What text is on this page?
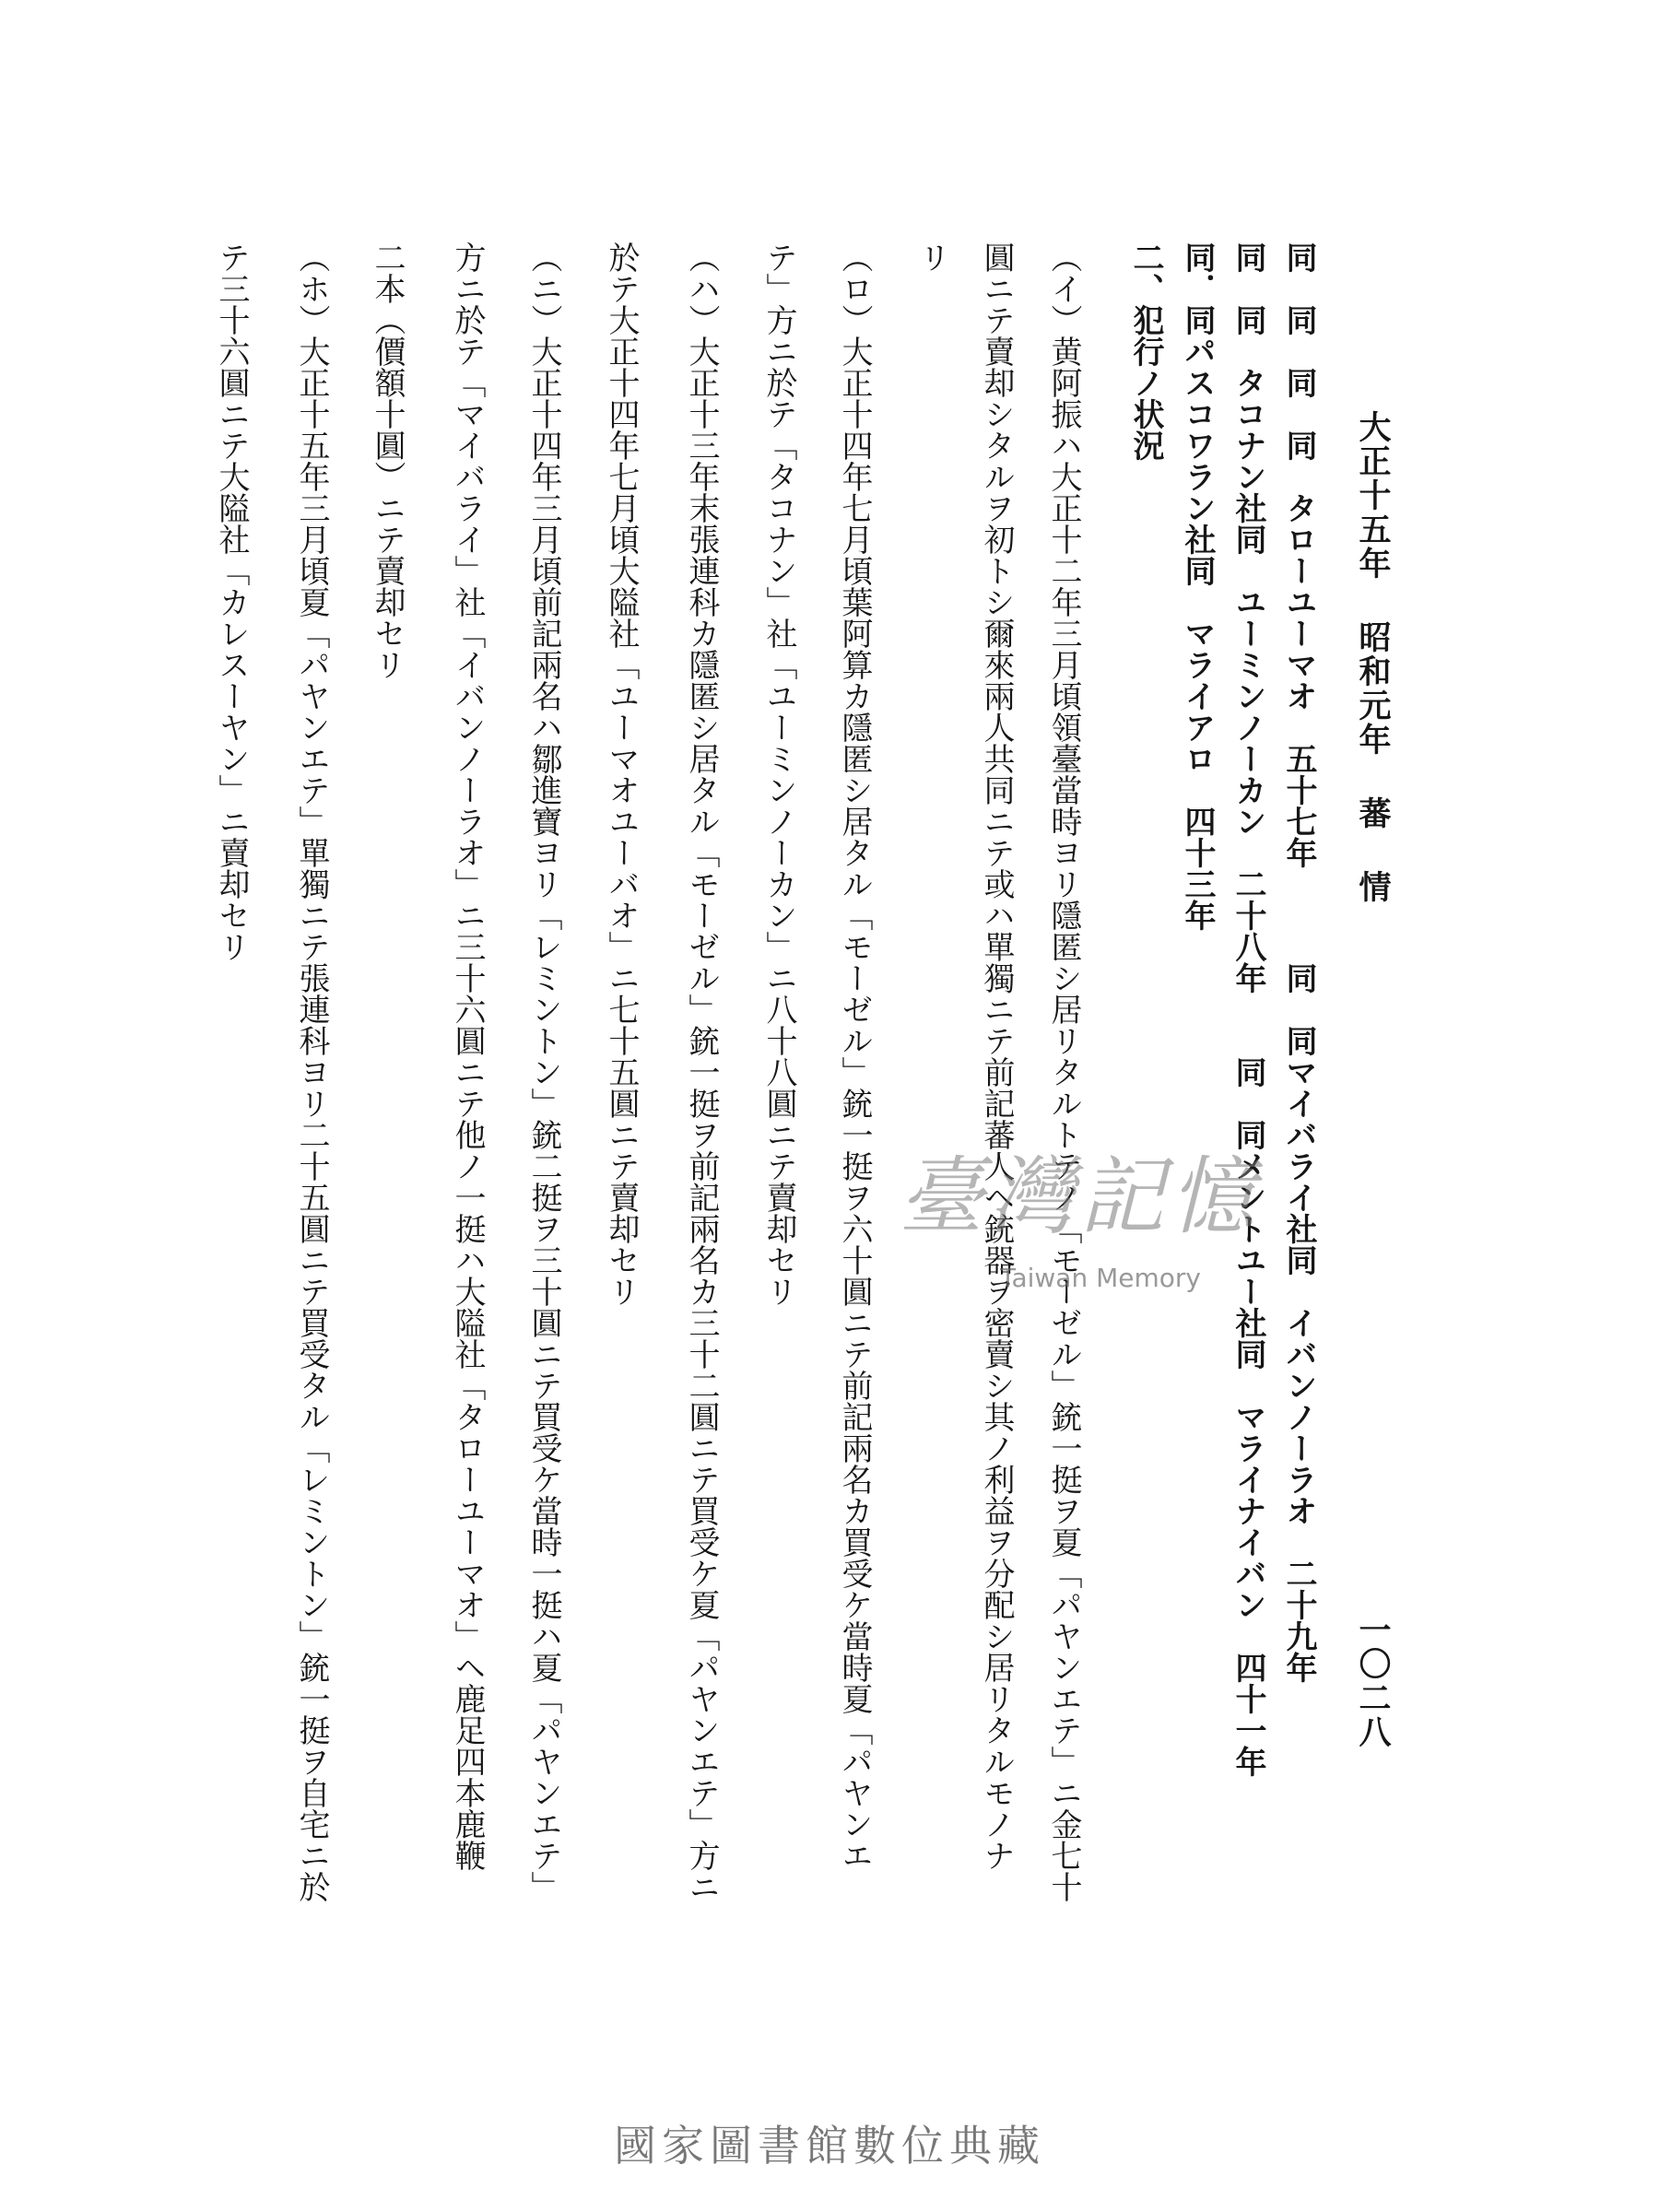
大正十五年 昭和元年 蕃 情
一〇二八
同　同　同　同　タローユーマオ　五十七年　　　同　同マイバライ社同　イバンノーラオ　二十九年
同　同　タコナン社同　ユーミンノーカン　二十八年　　同　同メントユー社同　マライナイバン　四十一年
同．同パスコワラン社同　マライアロ　四十三年
二、犯行ノ状況
（イ）黄阿振ハ大正十二年三月頃領臺當時ヨリ隱匿シ居リタルトテノ「モーゼル」銃一挺ヲ夏「パヤンエテ」ニ金七十
圓ニテ賣却シタルヲ初トシ爾來兩人共同ニテ或ハ單獨ニテ前記蕃人ヘ銃器ヲ密賣シ其ノ利益ヲ分配シ居リタルモノナ
リ
（ロ）大正十四年七月頃葉阿算カ隱匿シ居タル「モーゼル」銃一挺ヲ六十圓ニテ前記兩名カ買受ケ當時夏「パヤンエ
テ」方ニ於テ「タコナン」社「ユーミンノーカン」ニ八十八圓ニテ賣却セリ
（ハ）大正十三年末張連科カ隱匿シ居タル「モーゼル」銃一挺ヲ前記兩名カ三十二圓ニテ買受ケ夏「パヤンエテ」方ニ
於テ大正十四年七月頃大隘社「ユーマオユーバオ」ニ七十五圓ニテ賣却セリ
（ニ）大正十四年三月頃前記兩名ハ鄒進寶ヨリ「レミントン」銃二挺ヲ三十圓ニテ買受ケ當時一挺ハ夏「パヤンエテ」
方ニ於テ「マイバライ」社「イバンノーラオ」ニ三十六圓ニテ他ノ一挺ハ大隘社「タローユーマオ」ヘ鹿足四本鹿鞭
二本（價額十圓）ニテ賣却セリ
（ホ）大正十五年三月頃夏「パヤンエテ」單獨ニテ張連科ヨリ二十五圓ニテ買受タル「レミントン」銃一挺ヲ自宅ニ於
テ三十六圓ニテ大隘社「カレスーヤン」ニ賣却セリ
臺灣記憶
Taiwan Memory
國家圖書館數位典藏
